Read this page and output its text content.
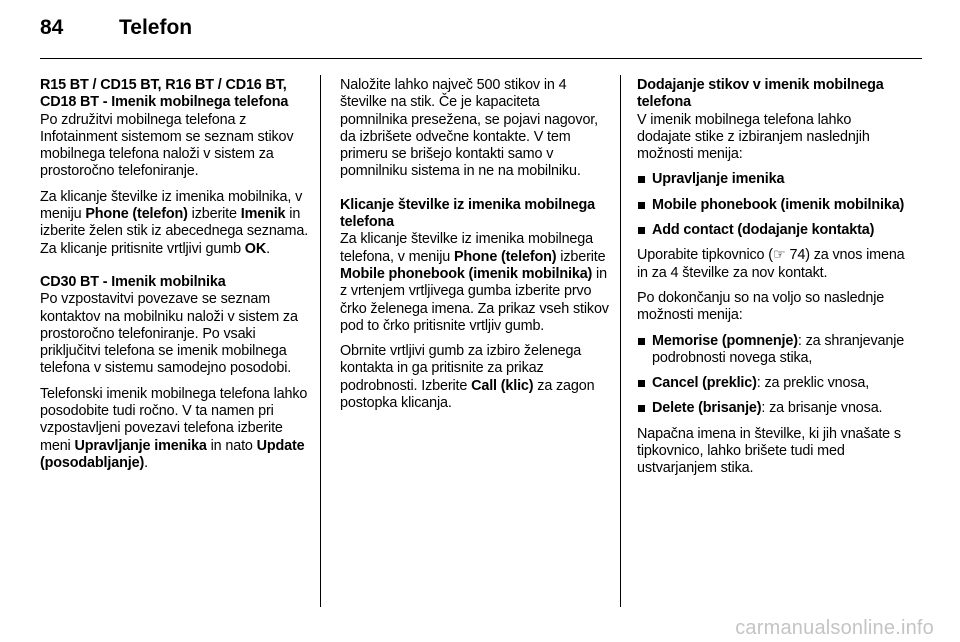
84	Telefon

R15 BT / CD15 BT, R16 BT / CD16 BT, CD18 BT - Imenik mobilnega telefona

Po združitvi mobilnega telefona z Infotainment sistemom se seznam stikov mobilnega telefona naloži v sistem za prostoročno telefoniranje.

Za klicanje številke iz imenika mobilnika, v meniju Phone (telefon) izberite Imenik in izberite želen stik iz abecednega seznama. Za klicanje pritisnite vrtljivi gumb OK.

CD30 BT - Imenik mobilnika

Po vzpostavitvi povezave se seznam kontaktov na mobilniku naloži v sistem za prostoročno telefoniranje. Po vsaki priključitvi telefona se imenik mobilnega telefona v sistemu samodejno posodobi.

Telefonski imenik mobilnega telefona lahko posodobite tudi ročno. V ta namen pri vzpostavljeni povezavi telefona izberite meni Upravljanje imenika in nato Update (posodabljanje).

Naložite lahko največ 500 stikov in 4 številke na stik. Če je kapaciteta pomnilnika presežena, se pojavi nagovor, da izbrišete odvečne kontakte. V tem primeru se brišejo kontakti samo v pomnilniku sistema in ne na mobilniku.

Klicanje številke iz imenika mobilnega telefona

Za klicanje številke iz imenika mobilnega telefona, v meniju Phone (telefon) izberite Mobile phonebook (imenik mobilnika) in z vrtenjem vrtljivega gumba izberite prvo črko želenega imena. Za prikaz vseh stikov pod to črko pritisnite vrtljiv gumb.

Obrnite vrtljivi gumb za izbiro želenega kontakta in ga pritisnite za prikaz podrobnosti. Izberite Call (klic) za zagon postopka klicanja.

Dodajanje stikov v imenik mobilnega telefona

V imenik mobilnega telefona lahko dodajate stike z izbiranjem naslednjih možnosti menija:

Upravljanje imenika
Mobile phonebook (imenik mobilnika)
Add contact (dodajanje kontakta)

Uporabite tipkovnico (☞ 74) za vnos imena in za 4 številke za nov kontakt.

Po dokončanju so na voljo so naslednje možnosti menija:

Memorise (pomnenje): za shranjevanje podrobnosti novega stika,
Cancel (preklic): za preklic vnosa,
Delete (brisanje): za brisanje vnosa.

Napačna imena in številke, ki jih vnašate s tipkovnico, lahko brišete tudi med ustvarjanjem stika.

carmanualsonline.info
